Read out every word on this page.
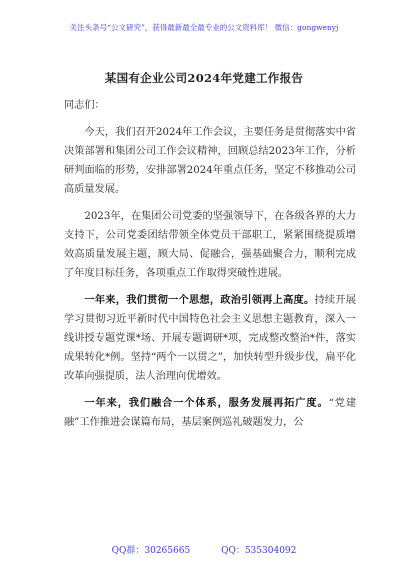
关注头条号“公文研究”，获得最新最全最专业的公文资料库！ 微信：gongwenyj
某国有企业公司2024年党建工作报告

同志们：

今天，我们召开2024年工作会议，主要任务是贯彻落实中省决策部署和集团公司工作会议精神，回顾总结2023年工作，分析研判面临的形势，安排部署2024年重点任务，坚定不移推动公司高质量发展。

2023年，在集团公司党委的坚强领导下，在各级各界的大力支持下，公司党委团结带领全体党员干部职工，紧紧围绕提质增效高质量发展主题，顾大局、促融合，强基础聚合力，顺利完成了年度目标任务，各项重点工作取得突破性进展。

一年来，我们贯彻一个思想，政治引领再上高度。持续开展学习贯彻习近平新时代中国特色社会主义思想主题教育，深入一线讲授专题党课*场、开展专题调研*项，完成整改整治*件，落实成果转化*例。坚持“两个一以贯之”，加快转型升级步伐，扁平化改革向强提质，法人治理向优增效。

一年来，我们融合一个体系，服务发展再拓广度。“党建融”工作推进会谋篇布局，基层案例巡礼破题发力，公

QQ群：30265665	QQ：535304092
